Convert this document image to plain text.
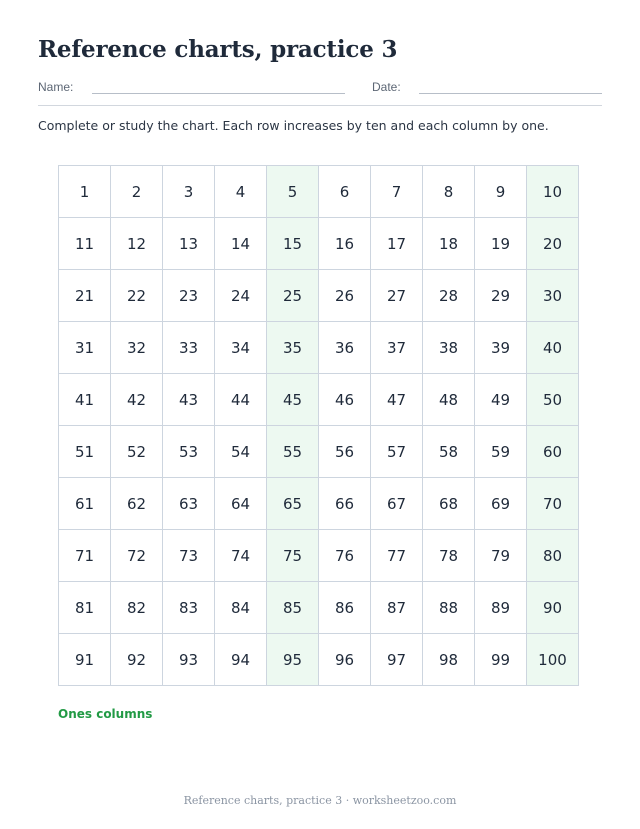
Reference charts, practice 3
Name:	Date:

Complete or study the chart. Each row increases by ten and each column by one.

1	2	3	4	5	6	7	8	9	10
11	12	13	14	15	16	17	18	19	20
21	22	23	24	25	26	27	28	29	30
31	32	33	34	35	36	37	38	39	40
41	42	43	44	45	46	47	48	49	50
51	52	53	54	55	56	57	58	59	60
61	62	63	64	65	66	67	68	69	70
71	72	73	74	75	76	77	78	79	80
81	82	83	84	85	86	87	88	89	90
91	92	93	94	95	96	97	98	99	100
Ones columns
Reference charts, practice 3 · worksheetzoo.com
